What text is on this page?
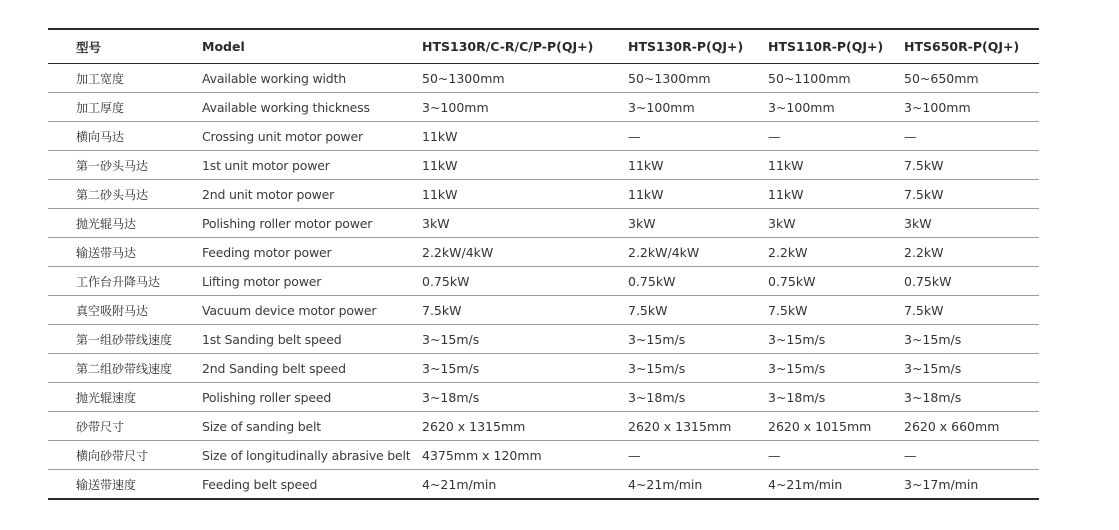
型号	Model	HTS130R/C-R/C/P-P(QJ+)	HTS130R-P(QJ+)	HTS110R-P(QJ+)	HTS650R-P(QJ+)
加工宽度	Available working width	50~1300mm	50~1300mm	50~1100mm	50~650mm
加工厚度	Available working thickness	3~100mm	3~100mm	3~100mm	3~100mm
横向马达	Crossing unit motor power	11kW	—	—	—
第一砂头马达	1st unit motor power	11kW	11kW	11kW	7.5kW
第二砂头马达	2nd unit motor power	11kW	11kW	11kW	7.5kW
抛光辊马达	Polishing roller motor power	3kW	3kW	3kW	3kW
输送带马达	Feeding motor power	2.2kW/4kW	2.2kW/4kW	2.2kW	2.2kW
工作台升降马达	Lifting motor power	0.75kW	0.75kW	0.75kW	0.75kW
真空吸附马达	Vacuum device motor power	7.5kW	7.5kW	7.5kW	7.5kW
第一组砂带线速度	1st Sanding belt speed	3~15m/s	3~15m/s	3~15m/s	3~15m/s
第二组砂带线速度	2nd Sanding belt speed	3~15m/s	3~15m/s	3~15m/s	3~15m/s
抛光辊速度	Polishing roller speed	3~18m/s	3~18m/s	3~18m/s	3~18m/s
砂带尺寸	Size of sanding belt	2620 x 1315mm	2620 x 1315mm	2620 x 1015mm	2620 x 660mm
横向砂带尺寸	Size of longitudinally abrasive belt	4375mm x 120mm	—	—	—
输送带速度	Feeding belt speed	4~21m/min	4~21m/min	4~21m/min	3~17m/min
